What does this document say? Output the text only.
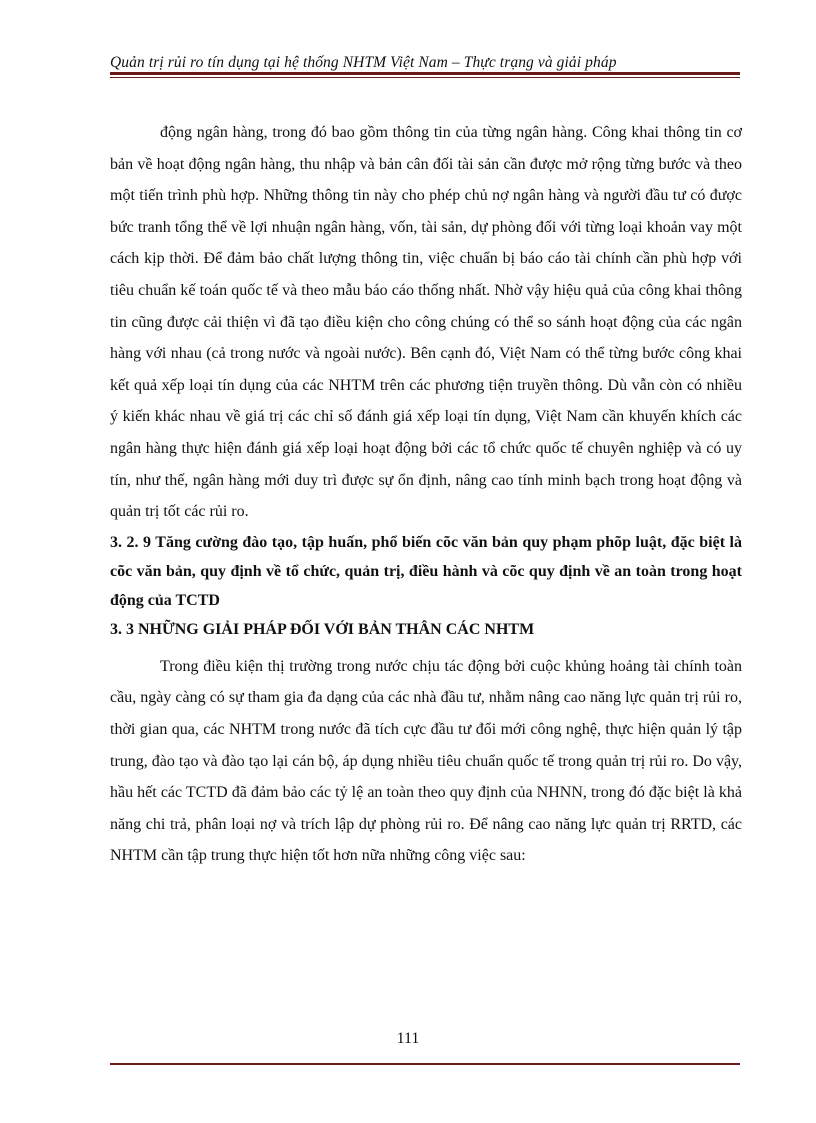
Quản trị rủi ro tín dụng tại hệ thống NHTM Việt Nam – Thực trạng và giải pháp

động ngân hàng, trong đó bao gồm thông tin của từng ngân hàng. Công khai thông tin cơ bản về hoạt động ngân hàng, thu nhập và bản cân đối tài sản cần được mở rộng từng bước và theo một tiến trình phù hợp. Những thông tin này cho phép chủ nợ ngân hàng và người đầu tư có được bức tranh tổng thể về lợi nhuận ngân hàng, vốn, tài sản, dự phòng đối với từng loại khoản vay một cách kịp thời. Để đảm bảo chất lượng thông tin, việc chuẩn bị báo cáo tài chính cần phù hợp với tiêu chuẩn kế toán quốc tế và theo mẫu báo cáo thống nhất. Nhờ vậy hiệu quả của công khai thông tin cũng được cải thiện vì đã tạo điều kiện cho công chúng có thể so sánh hoạt động của các ngân hàng với nhau (cả trong nước và ngoài nước). Bên cạnh đó, Việt Nam có thể từng bước công khai kết quả xếp loại tín dụng của các NHTM trên các phương tiện truyền thông. Dù vẫn còn có nhiều ý kiến khác nhau về giá trị các chỉ số đánh giá xếp loại tín dụng, Việt Nam cần khuyến khích các ngân hàng thực hiện đánh giá xếp loại hoạt động bởi các tổ chức quốc tế chuyên nghiệp và có uy tín, như thế, ngân hàng mới duy trì được sự ổn định, nâng cao tính minh bạch trong hoạt động và quản trị tốt các rủi ro.

3. 2. 9 Tăng cường đào tạo, tập huấn, phổ biến cõc văn bản quy phạm phõp luật, đặc biệt là cõc văn bản, quy định về tổ chức, quản trị, điều hành và cõc quy định về an toàn trong hoạt động của TCTD

3. 3 NHỮNG GIẢI PHÁP ĐỐI VỚI BẢN THÂN CÁC NHTM

Trong điều kiện thị trường trong nước chịu tác động bởi cuộc khủng hoảng tài chính toàn cầu, ngày càng có sự tham gia đa dạng của các nhà đầu tư, nhằm nâng cao năng lực quản trị rủi ro, thời gian qua, các NHTM trong nước đã tích cực đầu tư đổi mới công nghệ, thực hiện quản lý tập trung, đào tạo và đào tạo lại cán bộ, áp dụng nhiều tiêu chuẩn quốc tế trong quản trị rủi ro. Do vậy, hầu hết các TCTD đã đảm bảo các tỷ lệ an toàn theo quy định của NHNN, trong đó đặc biệt là khả năng chi trả, phân loại nợ và trích lập dự phòng rủi ro. Để nâng cao năng lực quản trị RRTD, các NHTM cần tập trung thực hiện tốt hơn nữa những công việc sau:

111
